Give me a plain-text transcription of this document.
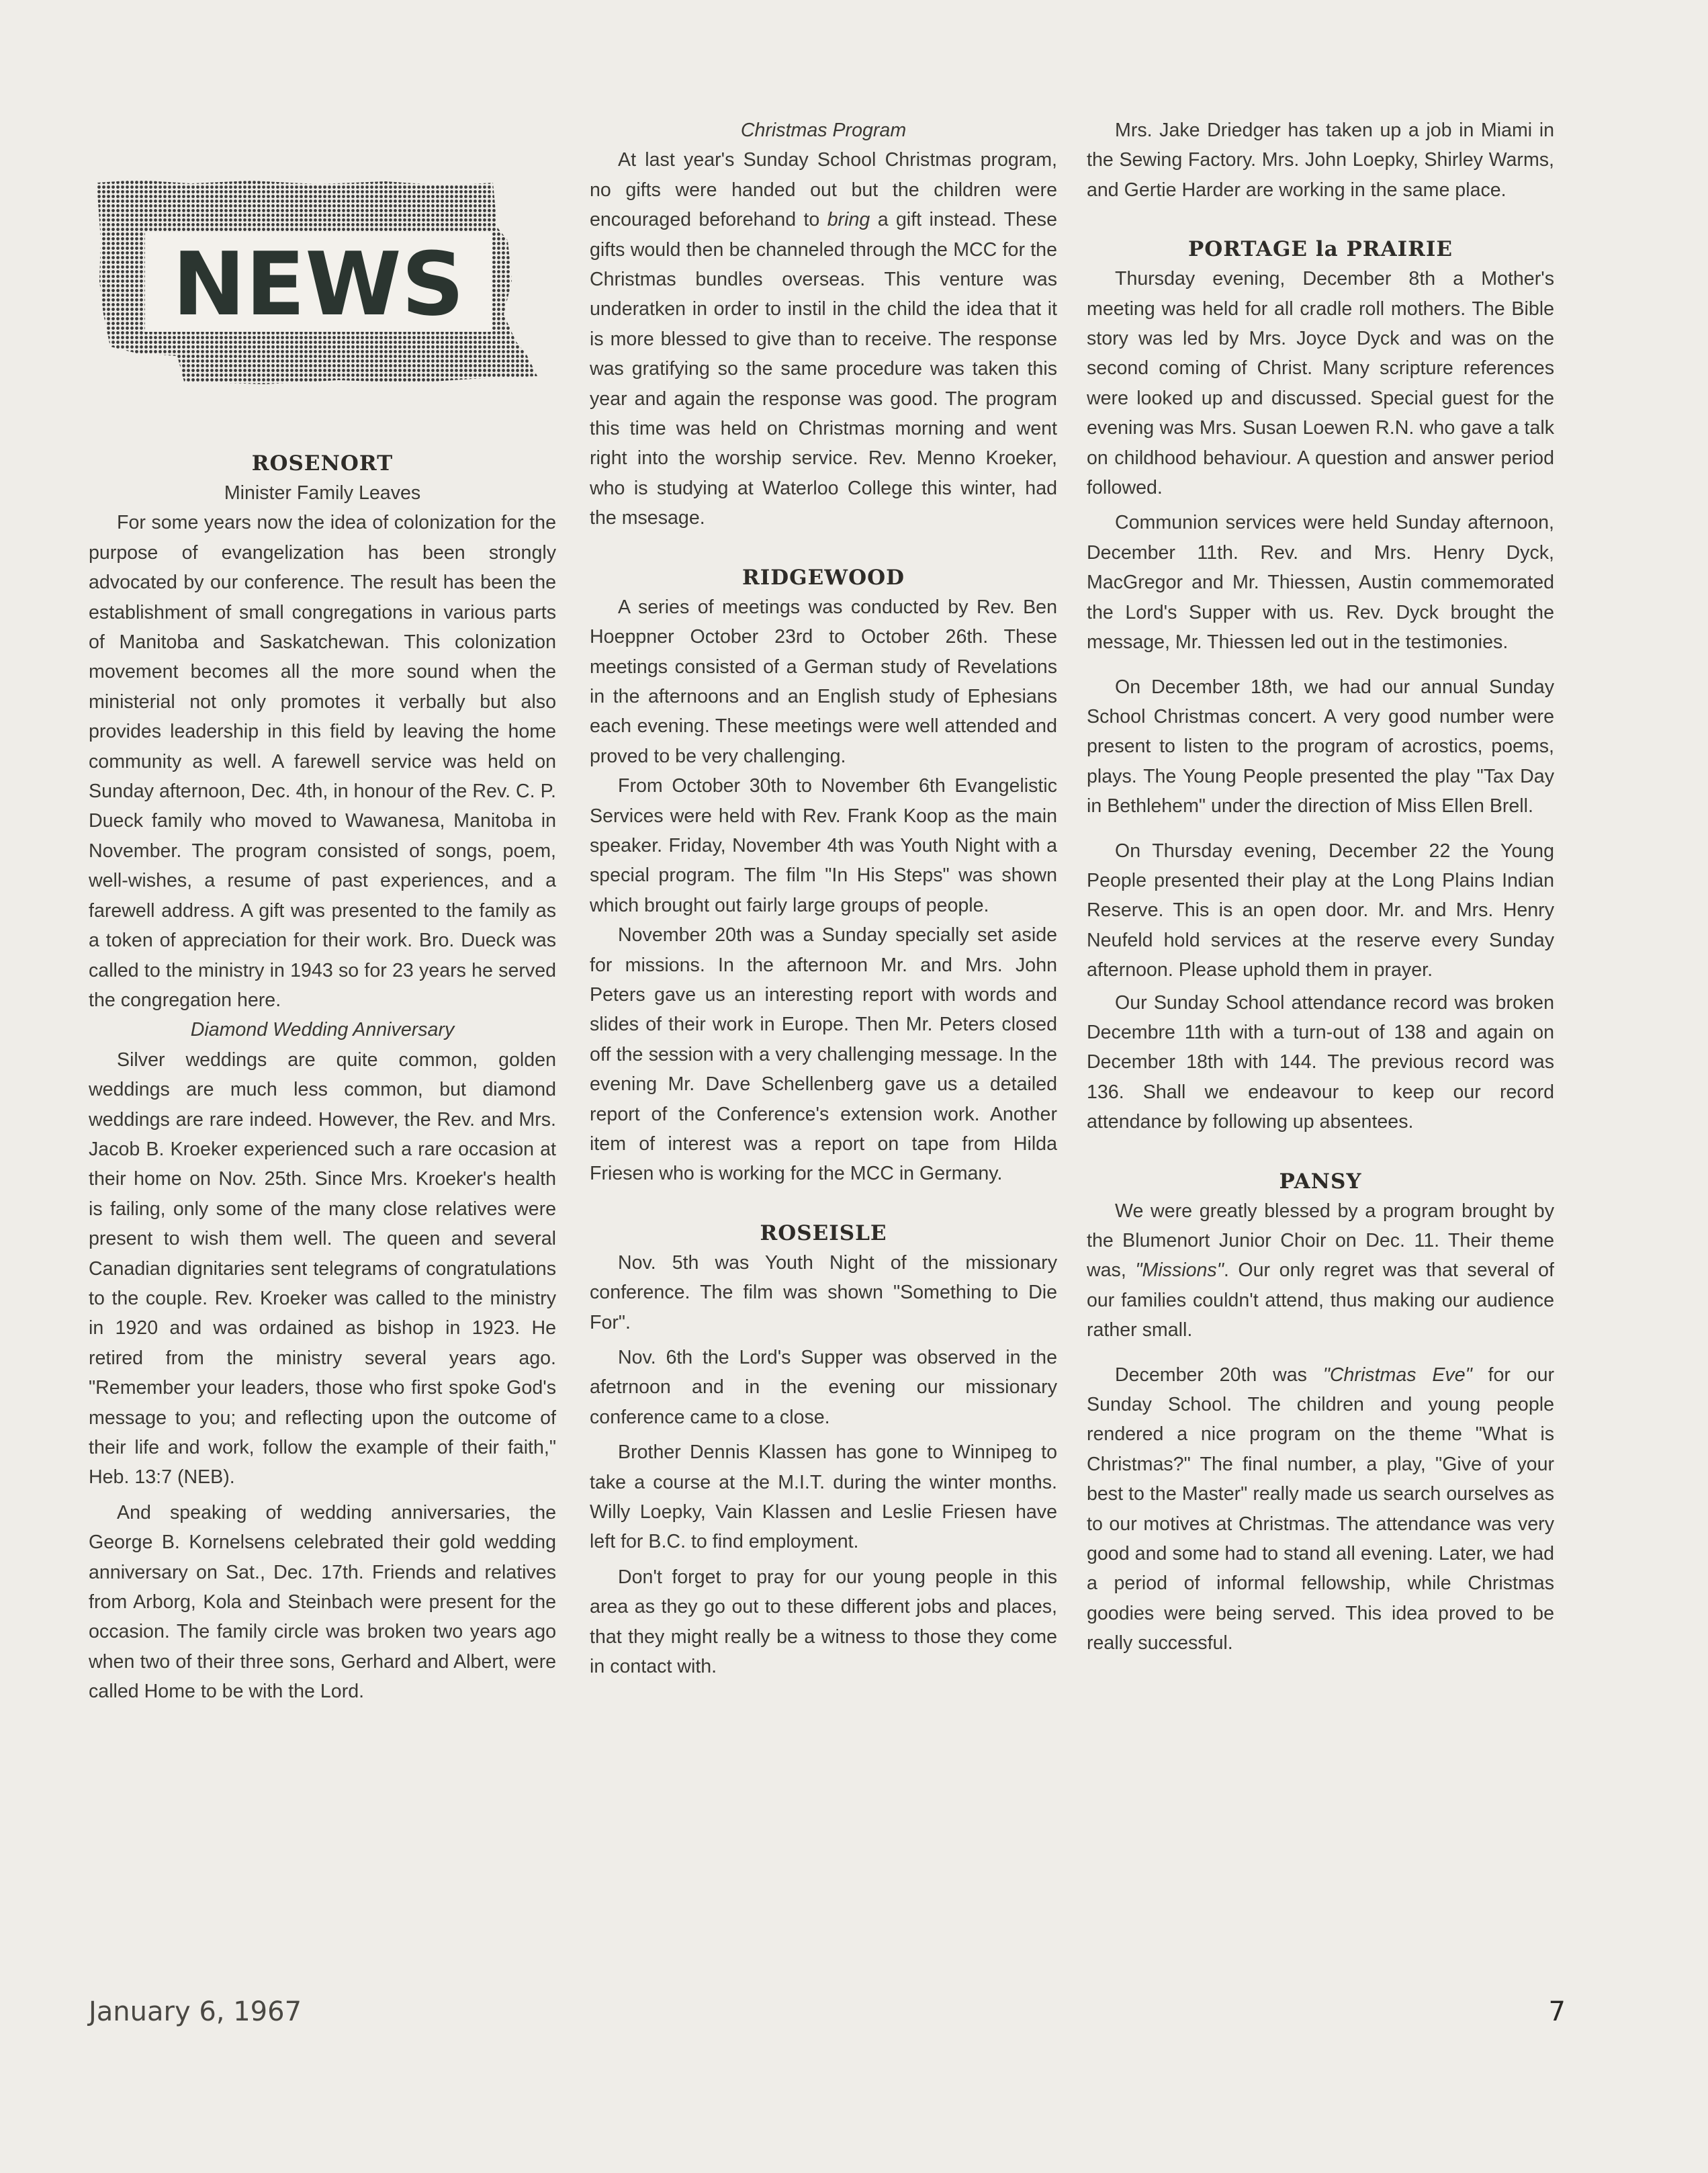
NEWS
ROSENORT

Minister Family Leaves

For some years now the idea of colonization for the purpose of evangelization has been strongly advocated by our conference. The result has been the establishment of small congregations in various parts of Manitoba and Saskatchewan. This colonization movement becomes all the more sound when the ministerial not only promotes it verbally but also provides leadership in this field by leaving the home community as well. A farewell service was held on Sunday afternoon, Dec. 4th, in honour of the Rev. C. P. Dueck family who moved to Wawanesa, Manitoba in November. The program consisted of songs, poem, well-wishes, a resume of past experiences, and a farewell address. A gift was presented to the family as a token of appreciation for their work. Bro. Dueck was called to the ministry in 1943 so for 23 years he served the congregation here.

Diamond Wedding Anniversary

Silver weddings are quite common, golden weddings are much less common, but diamond weddings are rare indeed. However, the Rev. and Mrs. Jacob B. Kroeker experienced such a rare occasion at their home on Nov. 25th. Since Mrs. Kroeker's health is failing, only some of the many close relatives were present to wish them well. The queen and several Canadian dignitaries sent telegrams of congratulations to the couple. Rev. Kroeker was called to the ministry in 1920 and was ordained as bishop in 1923. He retired from the ministry several years ago. "Remember your leaders, those who first spoke God's message to you; and reflecting upon the outcome of their life and work, follow the example of their faith," Heb. 13:7 (NEB).

And speaking of wedding anniversaries, the George B. Kornelsens celebrated their gold wedding anniversary on Sat., Dec. 17th. Friends and relatives from Arborg, Kola and Steinbach were present for the occasion. The family circle was broken two years ago when two of their three sons, Gerhard and Albert, were called Home to be with the Lord.

Christmas Program

At last year's Sunday School Christmas program, no gifts were handed out but the children were encouraged beforehand to bring a gift instead. These gifts would then be channeled through the MCC for the Christmas bundles overseas. This venture was underatken in order to instil in the child the idea that it is more blessed to give than to receive. The response was gratifying so the same procedure was taken this year and again the response was good. The program this time was held on Christmas morning and went right into the worship service. Rev. Menno Kroeker, who is studying at Waterloo College this winter, had the msesage.

RIDGEWOOD

A series of meetings was conducted by Rev. Ben Hoeppner October 23rd to October 26th. These meetings consisted of a German study of Revelations in the afternoons and an English study of Ephesians each evening. These meetings were well attended and proved to be very challenging.

From October 30th to November 6th Evangelistic Services were held with Rev. Frank Koop as the main speaker. Friday, November 4th was Youth Night with a special program. The film "In His Steps" was shown which brought out fairly large groups of people.

November 20th was a Sunday specially set aside for missions. In the afternoon Mr. and Mrs. John Peters gave us an interesting report with words and slides of their work in Europe. Then Mr. Peters closed off the session with a very challenging message. In the evening Mr. Dave Schellenberg gave us a detailed report of the Conference's extension work. Another item of interest was a report on tape from Hilda Friesen who is working for the MCC in Germany.

ROSEISLE

Nov. 5th was Youth Night of the missionary conference. The film was shown "Something to Die For".

Nov. 6th the Lord's Supper was observed in the afetrnoon and in the evening our missionary conference came to a close.

Brother Dennis Klassen has gone to Winnipeg to take a course at the M.I.T. during the winter months. Willy Loepky, Vain Klassen and Leslie Friesen have left for B.C. to find employment.

Don't forget to pray for our young people in this area as they go out to these different jobs and places, that they might really be a witness to those they come in contact with.

Mrs. Jake Driedger has taken up a job in Miami in the Sewing Factory. Mrs. John Loepky, Shirley Warms, and Gertie Harder are working in the same place.

PORTAGE la PRAIRIE

Thursday evening, December 8th a Mother's meeting was held for all cradle roll mothers. The Bible story was led by Mrs. Joyce Dyck and was on the second coming of Christ. Many scripture references were looked up and discussed. Special guest for the evening was Mrs. Susan Loewen R.N. who gave a talk on childhood behaviour. A question and answer period followed.

Communion services were held Sunday afternoon, December 11th. Rev. and Mrs. Henry Dyck, MacGregor and Mr. Thiessen, Austin commemorated the Lord's Supper with us. Rev. Dyck brought the message, Mr. Thiessen led out in the testimonies.

On December 18th, we had our annual Sunday School Christmas concert. A very good number were present to listen to the program of acrostics, poems, plays. The Young People presented the play "Tax Day in Bethlehem" under the direction of Miss Ellen Brell.

On Thursday evening, December 22 the Young People presented their play at the Long Plains Indian Reserve. This is an open door. Mr. and Mrs. Henry Neufeld hold services at the reserve every Sunday afternoon. Please uphold them in prayer.

Our Sunday School attendance record was broken Decembre 11th with a turn-out of 138 and again on December 18th with 144. The previous record was 136. Shall we endeavour to keep our record attendance by following up absentees.

PANSY

We were greatly blessed by a program brought by the Blumenort Junior Choir on Dec. 11. Their theme was, "Missions". Our only regret was that several of our families couldn't attend, thus making our audience rather small.

December 20th was "Christmas Eve" for our Sunday School. The children and young people rendered a nice program on the theme "What is Christmas?" The final number, a play, "Give of your best to the Master" really made us search ourselves as to our motives at Christmas. The attendance was very good and some had to stand all evening. Later, we had a period of informal fellowship, while Christmas goodies were being served. This idea proved to be really successful.

January 6, 1967	7
